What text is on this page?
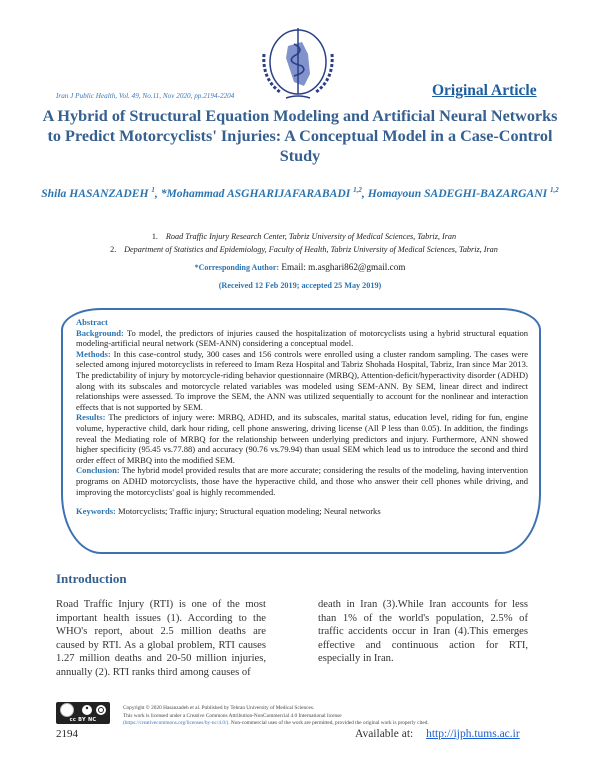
Iran J Public Health, Vol. 49, No.11, Nov 2020, pp.2194-2204	Original Article
A Hybrid of Structural Equation Modeling and Artificial Neural Networks to Predict Motorcyclists' Injuries: A Conceptual Model in a Case-Control Study
Shila HASANZADEH $^1$, *Mohammad ASGHARIJAFARABADI $^{1,2}$, Homayoun SADEGHI-BAZARGANI $^{1,2}$
1. Road Traffic Injury Research Center, Tabriz University of Medical Sciences, Tabriz, Iran
2. Department of Statistics and Epidemiology, Faculty of Health, Tabriz University of Medical Sciences, Tabriz, Iran
*Corresponding Author: Email: m.asghari862@gmail.com
(Received 12 Feb 2019; accepted 25 May 2019)

Abstract

Background: To model, the predictors of injuries caused the hospitalization of motorcyclists using a hybrid structural equation modeling-artificial neural network (SEM-ANN) considering a conceptual model.

Methods: In this case-control study, 300 cases and 156 controls were enrolled using a cluster random sampling. The cases were selected among injured motorcyclists in refereed to Imam Reza Hospital and Tabriz Shohada Hospital, Tabriz, Iran since Mar 2013. The predictability of injury by motorcycle-riding behavior questionnaire (MRBQ), Attention-deficit/hyperactivity disorder (ADHD) along with its subscales and motorcycle related variables was modeled using SEM-ANN. By SEM, linear direct and indirect relationships were assessed. To improve the SEM, the ANN was utilized sequentially to account for the nonlinear and interaction effects that is not supported by SEM.

Results: The predictors of injury were: MRBQ, ADHD, and its subscales, marital status, education level, riding for fun, engine volume, hyperactive child, dark hour riding, cell phone answering, driving license (All P less than 0.05). In addition, the findings reveal the Mediating role of MRBQ for the relationship between underlying predictors and injury. Furthermore, ANN showed higher specificity (95.45 vs.77.88) and accuracy (90.76 vs.79.94) than usual SEM which lead us to introduce the second and third order effect of MRBQ into the modified SEM.

Conclusion: The hybrid model provided results that are more accurate; considering the results of the modeling, having intervention programs on ADHD motorcyclists, those have the hyperactive child, and those who answer their cell phones while driving, and improving the motorcyclists' goal is highly recommended.

Keywords: Motorcyclists; Traffic injury; Structural equation modeling; Neural networks

Introduction
Road Traffic Injury (RTI) is one of the most important health issues (1). According to the WHO's report, about 2.5 million deaths are caused by RTI. As a global problem, RTI causes 1.27 million deaths and 20-50 million injuries, annually (2). RTI ranks third among causes of
death in Iran (3).While Iran accounts for less than 1% of the world's population, 2.5% of traffic accidents occur in Iran (4).This emerges effective and continuous action for RTI, especially in Iran.
cc BY NC
Copyright © 2020 Hasanzadeh et al. Published by Tehran University of Medical Sciences.
This work is licensed under a Creative Commons Attribution-NonCommercial 4.0 International license
(https://creativecommons.org/licenses/by-nc/4.0/). Non-commercial uses of the work are permitted, provided the original work is properly cited.
2194	Available at: http://ijph.tums.ac.ir
